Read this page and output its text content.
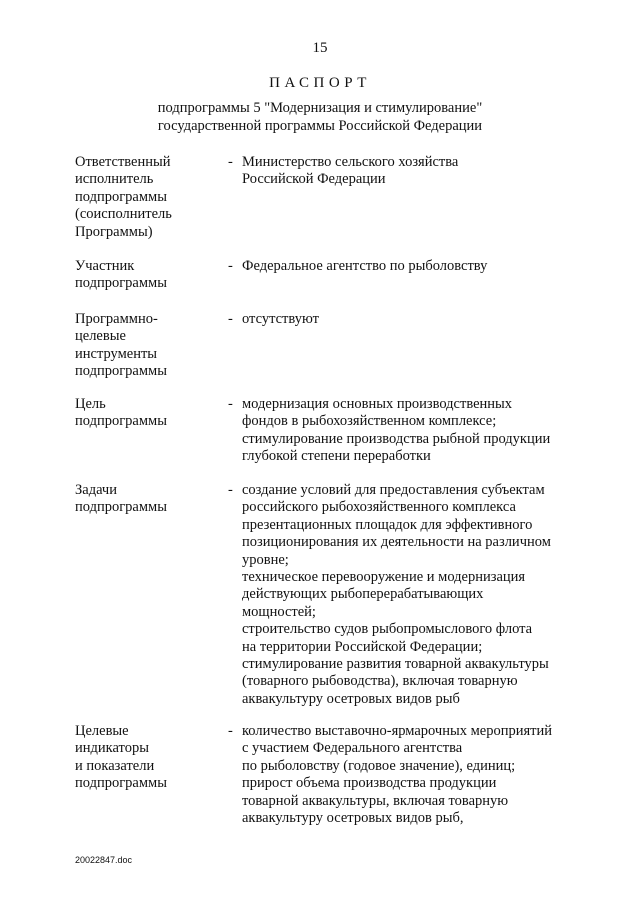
15
ПАСПОРТ
подпрограммы 5 "Модернизация и стимулирование"
государственной программы Российской Федерации
Ответственный
исполнитель
подпрограммы
(соисполнитель
Программы)
- Министерство сельского хозяйства
Российской Федерации
Участник
подпрограммы
- Федеральное агентство по рыболовству
Программно-
целевые
инструменты
подпрограммы
- отсутствуют
Цель
подпрограммы
- модернизация основных производственных
фондов в рыбохозяйственном комплексе;
стимулирование производства рыбной продукции
глубокой степени переработки
Задачи
подпрограммы
- создание условий для предоставления субъектам
российского рыбохозяйственного комплекса
презентационных площадок для эффективного
позиционирования их деятельности на различном
уровне;
техническое перевооружение и модернизация
действующих рыбоперерабатывающих
мощностей;
строительство судов рыбопромыслового флота
на территории Российской Федерации;
стимулирование развития товарной аквакультуры
(товарного рыбоводства), включая товарную
аквакультуру осетровых видов рыб
Целевые
индикаторы
и показатели
подпрограммы
- количество выставочно-ярмарочных мероприятий
с участием Федерального агентства
по рыболовству (годовое значение), единиц;
прирост объема производства продукции
товарной аквакультуры, включая товарную
аквакультуру осетровых видов рыб,
20022847.doc
